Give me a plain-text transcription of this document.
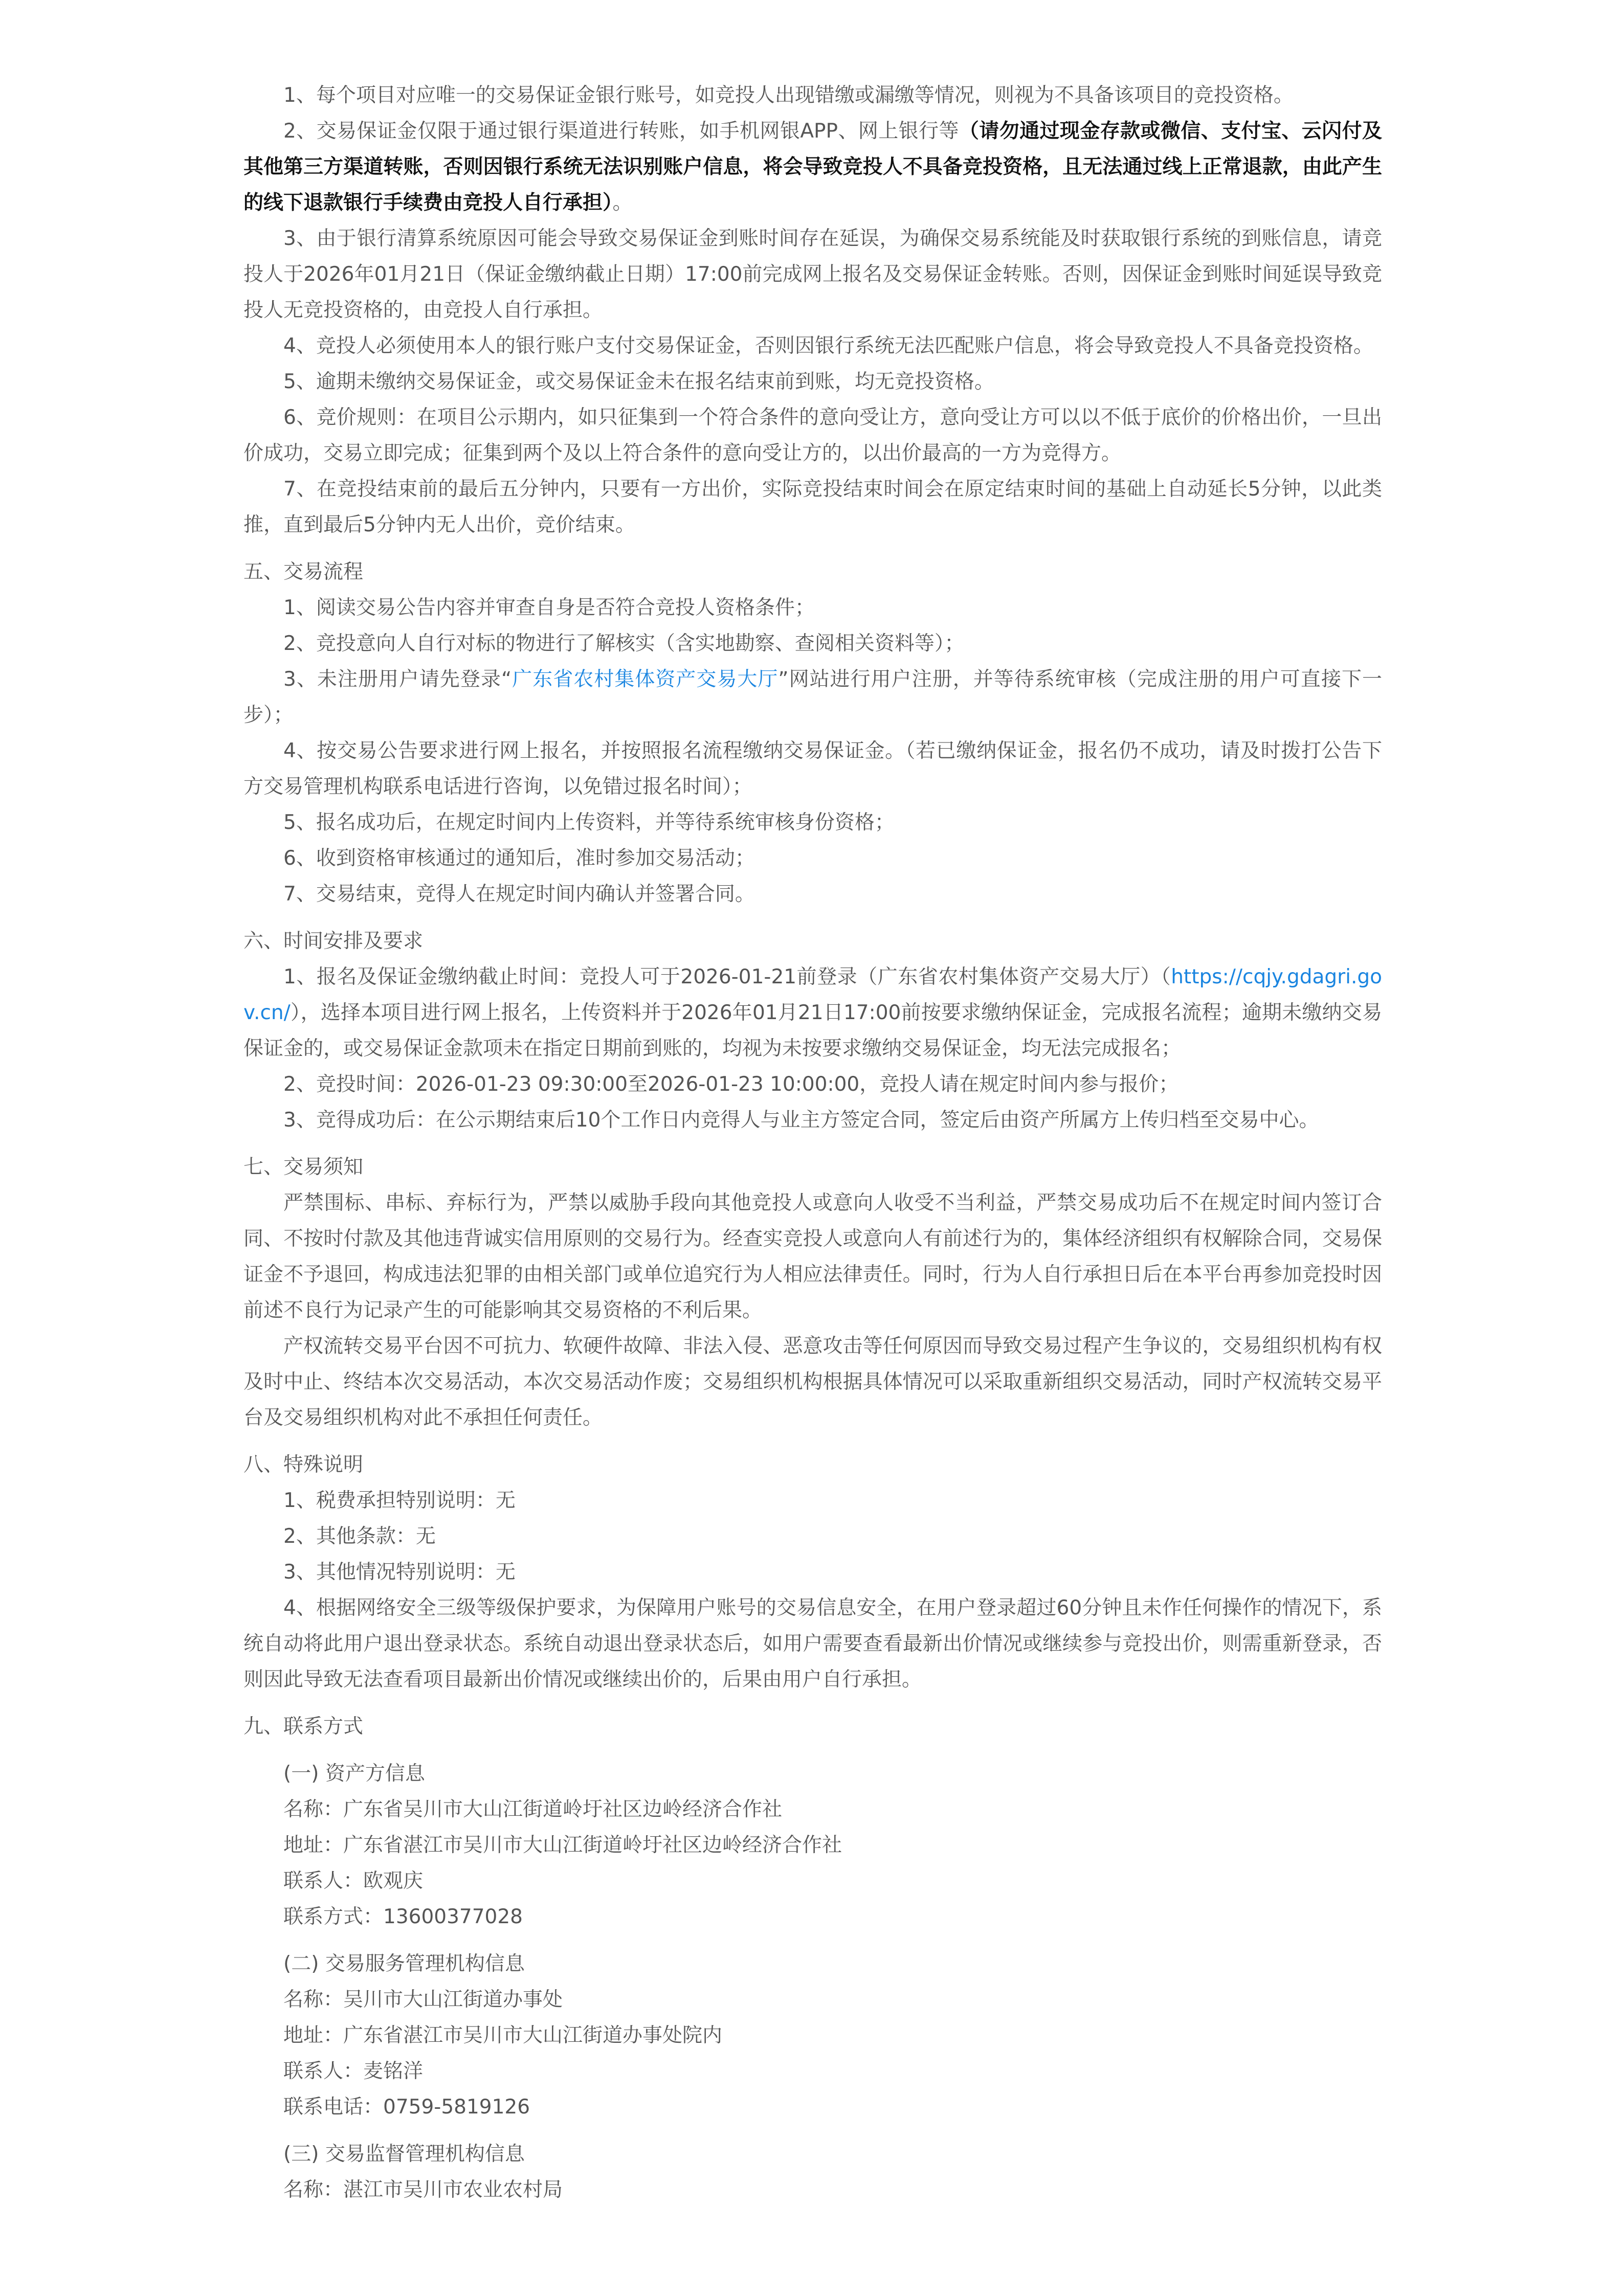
1、每个项目对应唯一的交易保证金银行账号，如竞投人出现错缴或漏缴等情况，则视为不具备该项目的竞投资格。

2、交易保证金仅限于通过银行渠道进行转账，如手机网银APP、网上银行等（请勿通过现金存款或微信、支付宝、云闪付及其他第三方渠道转账，否则因银行系统无法识别账户信息，将会导致竞投人不具备竞投资格，且无法通过线上正常退款，由此产生的线下退款银行手续费由竞投人自行承担）。

3、由于银行清算系统原因可能会导致交易保证金到账时间存在延误，为确保交易系统能及时获取银行系统的到账信息，请竞投人于2026年01月21日（保证金缴纳截止日期）17:00前完成网上报名及交易保证金转账。否则，因保证金到账时间延误导致竞投人无竞投资格的，由竞投人自行承担。

4、竞投人必须使用本人的银行账户支付交易保证金，否则因银行系统无法匹配账户信息，将会导致竞投人不具备竞投资格。

5、逾期未缴纳交易保证金，或交易保证金未在报名结束前到账，均无竞投资格。

6、竞价规则：在项目公示期内，如只征集到一个符合条件的意向受让方，意向受让方可以以不低于底价的价格出价，一旦出价成功，交易立即完成；征集到两个及以上符合条件的意向受让方的，以出价最高的一方为竞得方。

7、在竞投结束前的最后五分钟内，只要有一方出价，实际竞投结束时间会在原定结束时间的基础上自动延长5分钟，以此类推，直到最后5分钟内无人出价，竞价结束。

五、交易流程

1、阅读交易公告内容并审查自身是否符合竞投人资格条件；

2、竞投意向人自行对标的物进行了解核实（含实地勘察、查阅相关资料等）；

3、未注册用户请先登录“广东省农村集体资产交易大厅”网站进行用户注册，并等待系统审核（完成注册的用户可直接下一步）；

4、按交易公告要求进行网上报名，并按照报名流程缴纳交易保证金。（若已缴纳保证金，报名仍不成功，请及时拨打公告下方交易管理机构联系电话进行咨询，以免错过报名时间）；

5、报名成功后，在规定时间内上传资料，并等待系统审核身份资格；

6、收到资格审核通过的通知后，准时参加交易活动；

7、交易结束，竞得人在规定时间内确认并签署合同。

六、时间安排及要求

1、报名及保证金缴纳截止时间：竞投人可于2026-01-21前登录（广东省农村集体资产交易大厅）（https://cqjy.gdagri.gov.cn/），选择本项目进行网上报名，上传资料并于2026年01月21日17:00前按要求缴纳保证金，完成报名流程；逾期未缴纳交易保证金的，或交易保证金款项未在指定日期前到账的，均视为未按要求缴纳交易保证金，均无法完成报名；

2、竞投时间：2026-01-23 09:30:00至2026-01-23 10:00:00，竞投人请在规定时间内参与报价；

3、竞得成功后：在公示期结束后10个工作日内竞得人与业主方签定合同，签定后由资产所属方上传归档至交易中心。

七、交易须知

严禁围标、串标、弃标行为，严禁以威胁手段向其他竞投人或意向人收受不当利益，严禁交易成功后不在规定时间内签订合同、不按时付款及其他违背诚实信用原则的交易行为。经查实竞投人或意向人有前述行为的，集体经济组织有权解除合同，交易保证金不予退回，构成违法犯罪的由相关部门或单位追究行为人相应法律责任。同时，行为人自行承担日后在本平台再参加竞投时因前述不良行为记录产生的可能影响其交易资格的不利后果。

产权流转交易平台因不可抗力、软硬件故障、非法入侵、恶意攻击等任何原因而导致交易过程产生争议的，交易组织机构有权及时中止、终结本次交易活动，本次交易活动作废；交易组织机构根据具体情况可以采取重新组织交易活动，同时产权流转交易平台及交易组织机构对此不承担任何责任。

八、特殊说明

1、税费承担特别说明：无

2、其他条款：无

3、其他情况特别说明：无

4、根据网络安全三级等级保护要求，为保障用户账号的交易信息安全，在用户登录超过60分钟且未作任何操作的情况下，系统自动将此用户退出登录状态。系统自动退出登录状态后，如用户需要查看最新出价情况或继续参与竞投出价，则需重新登录，否则因此导致无法查看项目最新出价情况或继续出价的，后果由用户自行承担。

九、联系方式

(一) 资产方信息

名称：广东省吴川市大山江街道岭圩社区边岭经济合作社

地址：广东省湛江市吴川市大山江街道岭圩社区边岭经济合作社

联系人：欧观庆

联系方式：13600377028

(二) 交易服务管理机构信息

名称：吴川市大山江街道办事处

地址：广东省湛江市吴川市大山江街道办事处院内

联系人：麦铭洋

联系电话：0759-5819126

(三) 交易监督管理机构信息

名称：湛江市吴川市农业农村局
